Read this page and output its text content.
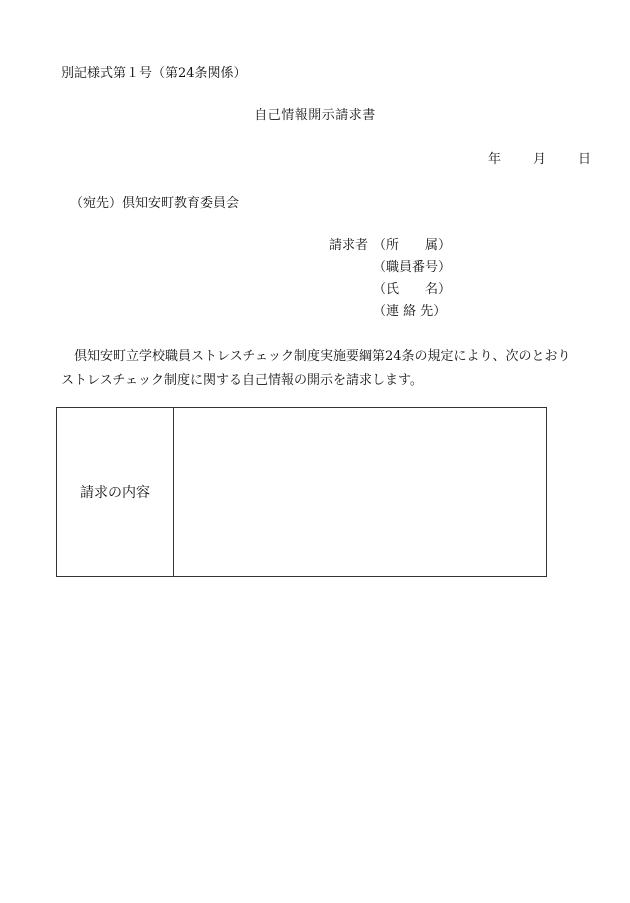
別記様式第１号（第24条関係）
自己情報開示請求書
年 月 日
（宛先）倶知安町教育委員会
請求者 （所　　属）
（職員番号）
（氏　　名）
（連 絡 先）
倶知安町立学校職員ストレスチェック制度実施要綱第24条の規定により、次のとおり
ストレスチェック制度に関する自己情報の開示を請求します。
請求の内容	
